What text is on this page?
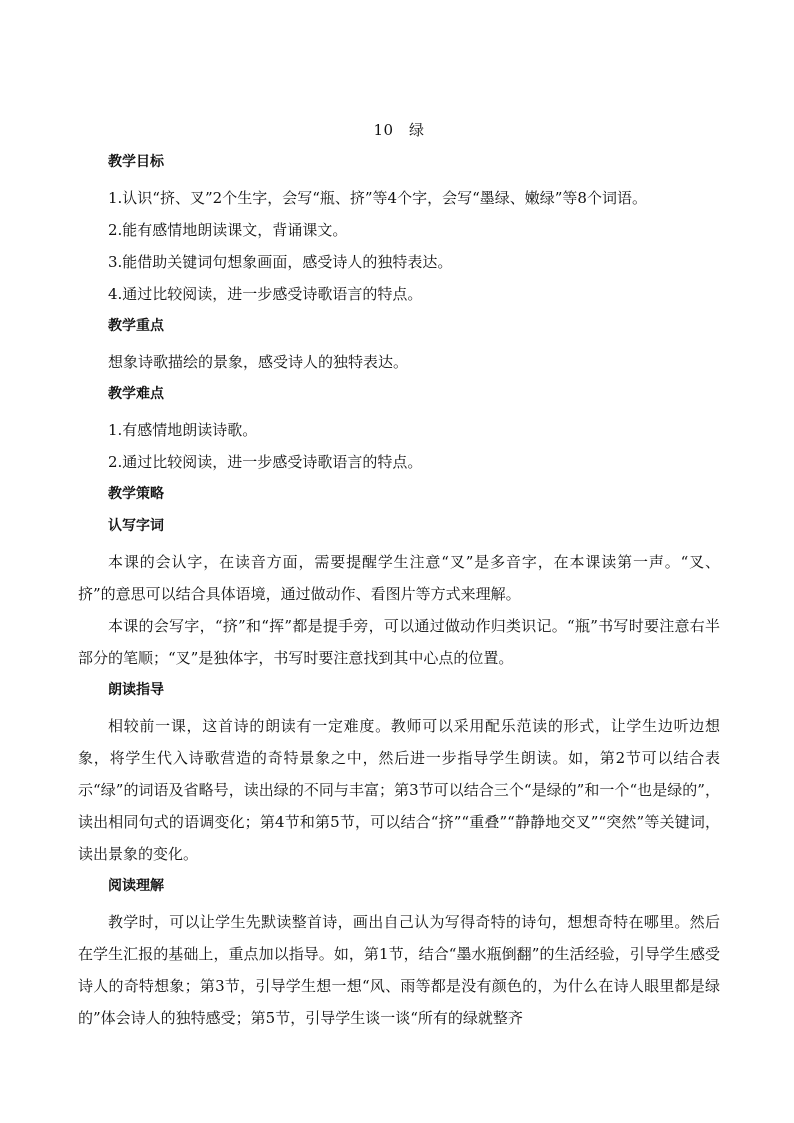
10　绿
教学目标
1.认识“挤、叉”2个生字，会写“瓶、挤”等4个字，会写“墨绿、嫩绿”等8个词语。
2.能有感情地朗读课文，背诵课文。
3.能借助关键词句想象画面，感受诗人的独特表达。
4.通过比较阅读，进一步感受诗歌语言的特点。
教学重点
想象诗歌描绘的景象，感受诗人的独特表达。
教学难点
1.有感情地朗读诗歌。
2.通过比较阅读，进一步感受诗歌语言的特点。
教学策略
认写字词
本课的会认字，在读音方面，需要提醒学生注意“叉”是多音字，在本课读第一声。“叉、挤”的意思可以结合具体语境，通过做动作、看图片等方式来理解。
本课的会写字，“挤”和“挥”都是提手旁，可以通过做动作归类识记。“瓶”书写时要注意右半部分的笔顺；“叉”是独体字，书写时要注意找到其中心点的位置。
朗读指导
相较前一课，这首诗的朗读有一定难度。教师可以采用配乐范读的形式，让学生边听边想象，将学生代入诗歌营造的奇特景象之中，然后进一步指导学生朗读。如，第2节可以结合表示“绿”的词语及省略号，读出绿的不同与丰富；第3节可以结合三个“是绿的”和一个“也是绿的”，读出相同句式的语调变化；第4节和第5节，可以结合“挤”“重叠”“静静地交叉”“突然”等关键词，读出景象的变化。
阅读理解
教学时，可以让学生先默读整首诗，画出自己认为写得奇特的诗句，想想奇特在哪里。然后在学生汇报的基础上，重点加以指导。如，第1节，结合“墨水瓶倒翻”的生活经验，引导学生感受诗人的奇特想象；第3节，引导学生想一想“风、雨等都是没有颜色的，为什么在诗人眼里都是绿的”体会诗人的独特感受；第5节，引导学生谈一谈“所有的绿就整齐
